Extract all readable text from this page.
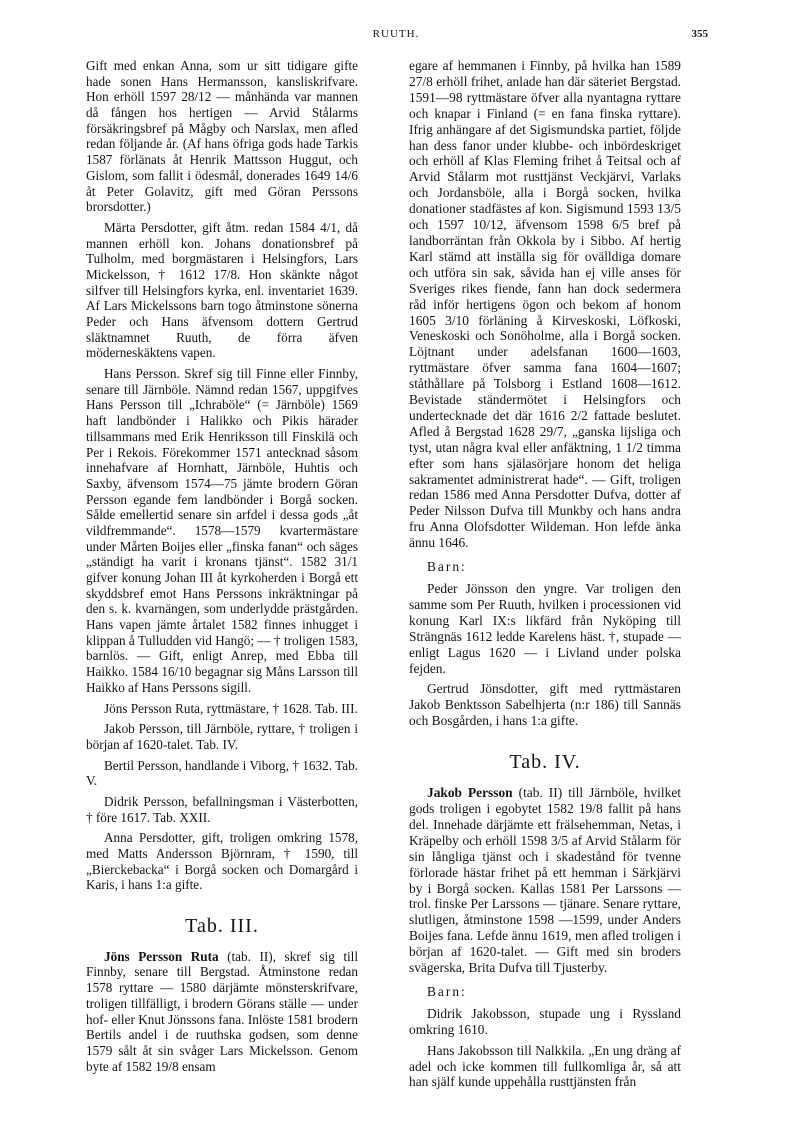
RUUTH.	355

Gift med enkan Anna, som ur sitt tidigare gifte hade sonen Hans Hermansson, kansliskrifvare. Hon erhöll 1597 28/12 — månhända var mannen då fången hos hertigen — Arvid Stålarms försäkringsbref på Mågby och Narslax, men afled redan följande år. (Af hans öfriga gods hade Tarkis 1587 förlänats åt Henrik Mattsson Huggut, och Gislom, som fallit i ödesmål, donerades 1649 14/6 åt Peter Golavitz, gift med Göran Perssons brorsdotter.)

Märta Persdotter, gift åtm. redan 1584 4/1, då mannen erhöll kon. Johans donationsbref på Tulholm, med borgmästaren i Helsingfors, Lars Mickelsson, † 1612 17/8. Hon skänkte något silfver till Helsingfors kyrka, enl. inventariet 1639. Af Lars Mickelssons barn togo åtminstone sönerna Peder och Hans äfvensom dottern Gertrud släktnamnet Ruuth, de förra äfven möderneskäktens vapen.

Hans Persson. Skref sig till Finne eller Finnby, senare till Järnböle. Nämnd redan 1567, uppgifves Hans Persson till „Ichraböle“ (= Järnböle) 1569 haft landbönder i Halikko och Pikis härader tillsammans med Erik Henriksson till Finskilä och Per i Rekois. Förekommer 1571 antecknad såsom innehafvare af Hornhatt, Järnböle, Huhtis och Saxby, äfvensom 1574—75 jämte brodern Göran Persson egande fem landbönder i Borgå socken. Sålde emellertid senare sin arfdel i dessa gods „åt vildfremmande“. 1578—1579 kvartermästare under Mårten Boijes eller „finska fanan“ och säges „ständigt ha varit i kronans tjänst“. 1582 31/1 gifver konung Johan III åt kyrkoherden i Borgå ett skyddsbref emot Hans Perssons inkräktningar på den s. k. kvarnängen, som underlydde prästgården. Hans vapen jämte årtalet 1582 finnes inhugget i klippan å Tulludden vid Hangö; — † troligen 1583, barnlös. — Gift, enligt Anrep, med Ebba till Haikko. 1584 16/10 begagnar sig Måns Larsson till Haikko af Hans Perssons sigill.

Jöns Persson Ruta, ryttmästare, † 1628. Tab. III.

Jakob Persson, till Järnböle, ryttare, † troligen i början af 1620-talet. Tab. IV.

Bertil Persson, handlande i Viborg, † 1632. Tab. V.

Didrik Persson, befallningsman i Västerbotten, † före 1617. Tab. XXII.

Anna Persdotter, gift, troligen omkring 1578, med Matts Andersson Björnram, † 1590, till „Bierckebacka“ i Borgå socken och Domargård i Karis, i hans 1:a gifte.

Tab. III.

Jöns Persson Ruta (tab. II), skref sig till Finnby, senare till Bergstad. Åtminstone redan 1578 ryttare — 1580 därjämte mönsterskrifvare, troligen tillfälligt, i brodern Görans ställe — under hof- eller Knut Jönssons fana. Inlöste 1581 brodern Bertils andel i de ruuthska godsen, som denne 1579 sålt åt sin svåger Lars Mickelsson. Genom byte af 1582 19/8 ensam

egare af hemmanen i Finnby, på hvilka han 1589 27/8 erhöll frihet, anlade han där säteriet Bergstad. 1591—98 ryttmästare öfver alla nyantagna ryttare och knapar i Finland (= en fana finska ryttare). Ifrig anhängare af det Sigismundska partiet, följde han dess fanor under klubbe- och inbördeskriget och erhöll af Klas Fleming frihet å Teitsal och af Arvid Stålarm mot rusttjänst Veckjärvi, Varlaks och Jordansböle, alla i Borgå socken, hvilka donationer stadfästes af kon. Sigismund 1593 13/5 och 1597 10/12, äfvensom 1598 6/5 bref på landborräntan från Okkola by i Sibbo. Af hertig Karl stämd att inställa sig för ovälldiga domare och utföra sin sak, såvida han ej ville anses för Sveriges rikes fiende, fann han dock sedermera råd inför hertigens ögon och bekom af honom 1605 3/10 förläning å Kirveskoski, Löfkoski, Veneskoski och Sonöholme, alla i Borgå socken. Löjtnant under adelsfanan 1600—1603, ryttmästare öfver samma fana 1604—1607; ståthållare på Tolsborg i Estland 1608—1612. Bevistade ständermötet i Helsingfors och undertecknade det där 1616 2/2 fattade beslutet. Afled å Bergstad 1628 29/7, „ganska lijsliga och tyst, utan några kval eller anfäktning, 1 1/2 timma efter som hans själasörjare honom det heliga sakramentet administrerat hade“. — Gift, troligen redan 1586 med Anna Persdotter Dufva, dotter af Peder Nilsson Dufva till Munkby och hans andra fru Anna Olofsdotter Wildeman. Hon lefde änka ännu 1646.

Barn:

Peder Jönsson den yngre. Var troligen den samme som Per Ruuth, hvilken i processionen vid konung Karl IX:s likfärd från Nyköping till Strängnäs 1612 ledde Karelens häst. †, stupade — enligt Lagus 1620 — i Livland under polska fejden.

Gertrud Jönsdotter, gift med ryttmästaren Jakob Benktsson Sabelhjerta (n:r 186) till Sannäs och Bosgården, i hans 1:a gifte.

Tab. IV.

Jakob Persson (tab. II) till Järnböle, hvilket gods troligen i egobytet 1582 19/8 fallit på hans del. Innehade därjämte ett frälsehemman, Netas, i Kräpelby och erhöll 1598 3/5 af Arvid Stålarm för sin långliga tjänst och i skadestånd för tvenne förlorade hästar frihet på ett hemman i Särkjärvi by i Borgå socken. Kallas 1581 Per Larssons — trol. finske Per Larssons — tjänare. Senare ryttare, slutligen, åtminstone 1598 —1599, under Anders Boijes fana. Lefde ännu 1619, men afled troligen i början af 1620-talet. — Gift med sin broders svägerska, Brita Dufva till Tjusterby.

Barn:

Didrik Jakobsson, stupade ung i Ryssland omkring 1610.

Hans Jakobsson till Nalkkila. „En ung dräng af adel och icke kommen till fullkomliga år, så att han själf kunde uppehålla rusttjänsten från
